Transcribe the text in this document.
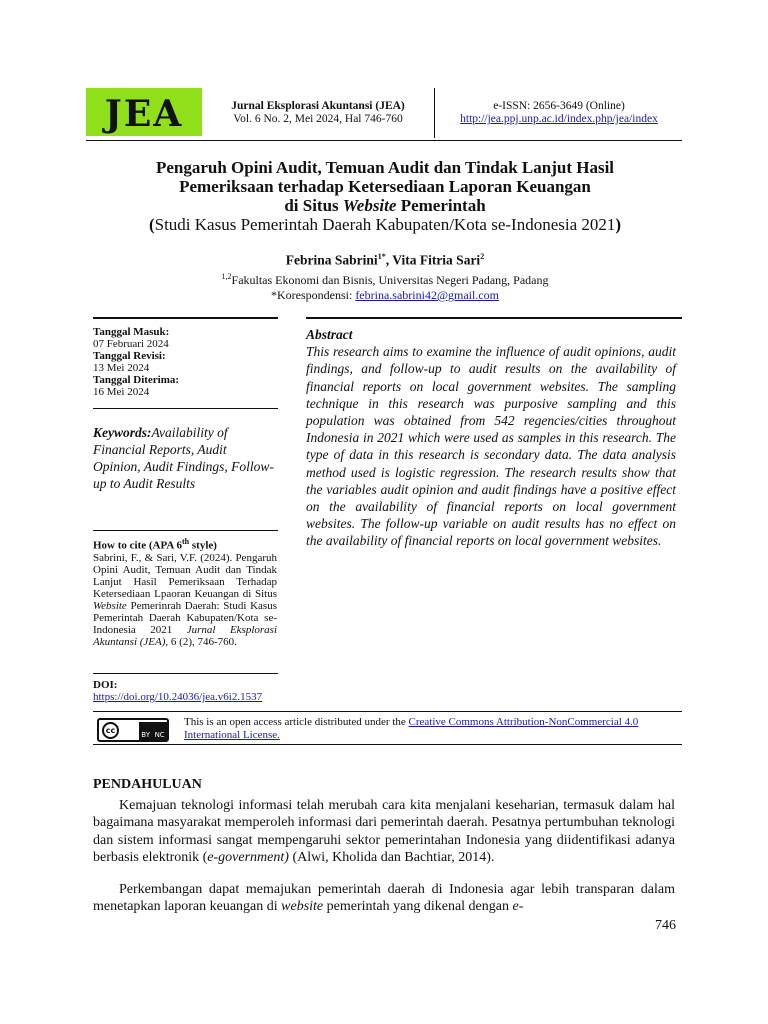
JEA	Jurnal Eksplorasi Akuntansi (JEA)
Vol. 6 No. 2, Mei 2024, Hal 746-760
e-ISSN: 2656-3649 (Online)
http://jea.ppj.unp.ac.id/index.php/jea/index
Pengaruh Opini Audit, Temuan Audit dan Tindak Lanjut Hasil
Pemeriksaan terhadap Ketersediaan Laporan Keuangan
di Situs Website Pemerintah
(Studi Kasus Pemerintah Daerah Kabupaten/Kota se-Indonesia 2021)
Febrina Sabrini$^{1*}$, Vita Fitria Sari$^2$
$^{1,2}$Fakultas Ekonomi dan Bisnis, Universitas Negeri Padang, Padang
*Korespondensi: febrina.sabrini42@gmail.com
Tanggal Masuk:
07 Februari 2024
Tanggal Revisi:
13 Mei 2024
Tanggal Diterima:
16 Mei 2024
Keywords:Availability of Financial Reports, Audit Opinion, Audit Findings, Follow-up to Audit Results
How to cite (APA 6th style)
Sabrini, F., & Sari, V.F. (2024). Pengaruh Opini Audit, Temuan Audit dan Tindak Lanjut Hasil Pemeriksaan Terhadap Ketersediaan Lpaoran Keuangan di Situs Website Pemerinrah Daerah: Studi Kasus Pemerintah Daerah Kabupaten/Kota se-Indonesia 2021 Jurnal Eksplorasi Akuntansi (JEA), 6 (2), 746-760.
DOI:
https://doi.org/10.24036/jea.v6i2.1537
Abstract
This research aims to examine the influence of audit opinions, audit findings, and follow-up to audit results on the availability of financial reports on local government websites. The sampling technique in this research was purposive sampling and this population was obtained from 542 regencies/cities throughout Indonesia in 2021 which were used as samples in this research. The type of data in this research is secondary data. The data analysis method used is logistic regression. The research results show that the variables audit opinion and audit findings have a positive effect on the availability of financial reports on local government websites. The follow-up variable on audit results has no effect on the availability of financial reports on local government websites.
cc	BY NC
This is an open access article distributed under the Creative Commons Attribution-NonCommercial 4.0 International License.
PENDAHULUAN
Kemajuan teknologi informasi telah merubah cara kita menjalani keseharian, termasuk dalam hal bagaimana masyarakat memperoleh informasi dari pemerintah daerah. Pesatnya pertumbuhan teknologi dan sistem informasi sangat mempengaruhi sektor pemerintahan Indonesia yang diidentifikasi adanya berbasis elektronik (e-government) (Alwi, Kholida dan Bachtiar, 2014).
Perkembangan dapat memajukan pemerintah daerah di Indonesia agar lebih transparan dalam menetapkan laporan keuangan di website pemerintah yang dikenal dengan e-
746
